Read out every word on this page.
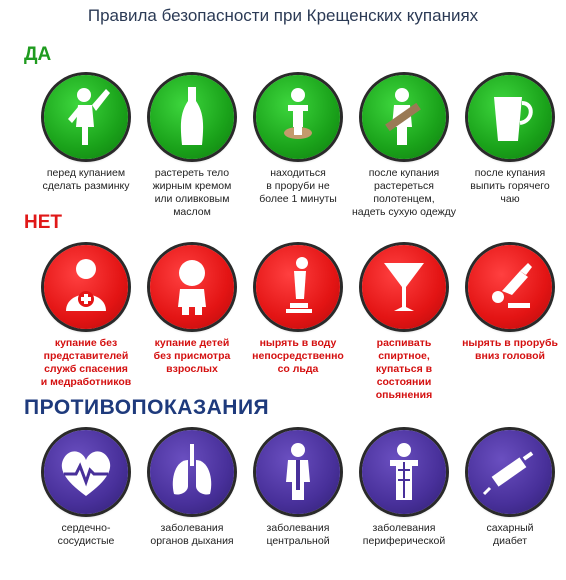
Правила безопасности при Крещенских купаниях
ДА
НЕТ
ПРОТИВОПОКАЗАНИЯ
перед купанием
сделать разминку
растереть тело
жирным кремом
или оливковым
маслом
находиться
в проруби не
более 1 минуты
после купания
растереться
полотенцем,
надеть сухую одежду
после купания
выпить горячего
чаю
купание без
представителей
служб спасения
и медработников
купание детей
без присмотра
взрослых
нырять в воду
непосредственно
со льда
распивать спиртное,
купаться в состоянии
опьянения
нырять в прорубь
вниз головой
сердечно-
сосудистые
заболевания
органов дыхания
заболевания
центральной
заболевания
периферической
сахарный
диабет
